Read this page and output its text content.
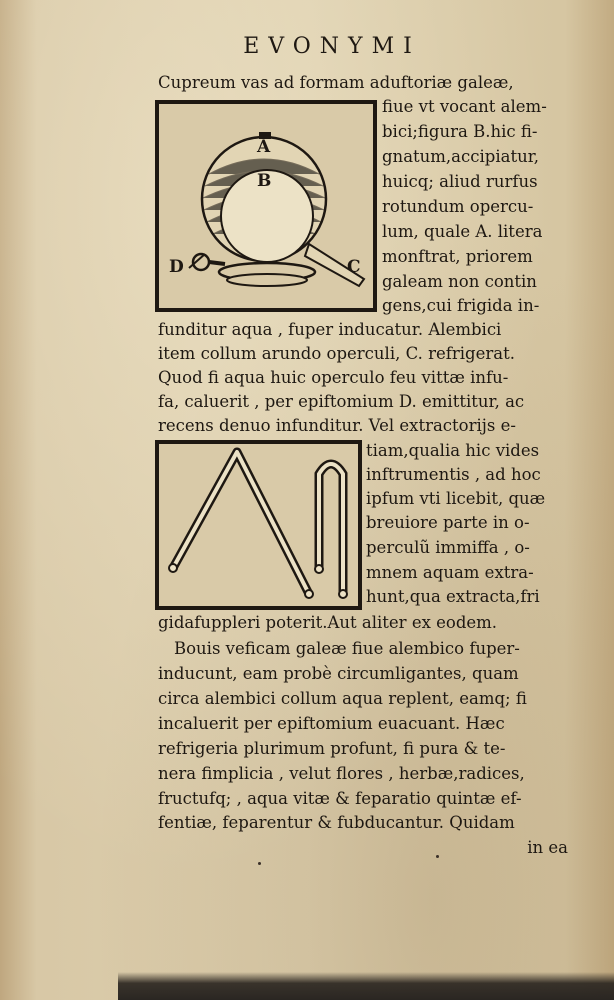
EVONYMI
Cupreum vas ad formam aduftoriæ galeæ,
A
B
C
D
fiue vt vocant alem-
bici;figura B.hic fi-
gnatum,accipiatur,
huicq; aliud rurfus
rotundum opercu-
lum, quale A. litera
monftrat, priorem
galeam non contin
gens,cui frigida in-
funditur aqua , fuper inducatur. Alembici
item collum arundo operculi, C. refrigerat.
Quod fi aqua huic operculo feu vittæ infu-
fa, caluerit , per epiftomium D. emittitur, ac
recens denuo infunditur. Vel extractorijs e-
tiam,qualia hic vides
inftrumentis , ad hoc
ipfum vti licebit, quæ
breuiore parte in o-
perculũ immiffa , o-
mnem aquam extra-
hunt,qua extracta,fri
gidafuppleri poterit.Aut aliter ex eodem.
Bouis veficam galeæ fiue alembico fuper-
inducunt, eam probè circumligantes, quam
circa alembici collum aqua replent, eamq; fi
incaluerit per epiftomium euacuant. Hæc
refrigeria plurimum profunt, fi pura & te-
nera fimplicia , velut flores , herbæ,radices,
fructufq; , aqua vitæ & feparatio quintæ ef-
fentiæ, feparentur & fubducantur. Quidam
in ea
